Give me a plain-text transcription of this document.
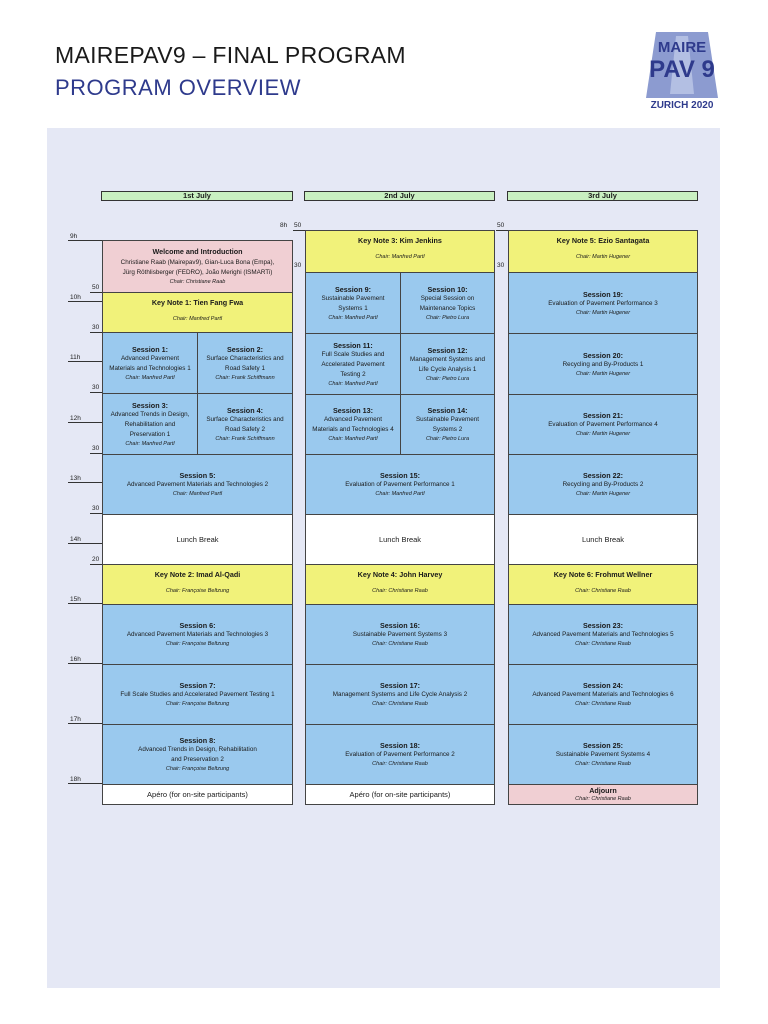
MAIREPAV9 – FINAL PROGRAM
PROGRAM OVERVIEW
MAIRE
PAV 9
ZURICH 2020
1st July	2nd July	3rd July
9h
50
10h
30
11h
30
12h
30
13h
30
14h
20
15h
16h
17h
18h
8h 50
30
50
30
Welcome and Introduction
Christiane Raab (Mairepav9), Gian-Luca Bona (Empa),
Jürg Röthlisberger (FEDRO), João Merighi (ISMARTi)
Chair: Christiane Raab
Key Note 1: Tien Fang Fwa
Chair: Manfred Partl
Session 1:
Advanced Pavement
Materials and Technologies 1
Chair: Manfred Partl
Session 2:
Surface Characteristics and
Road Safety 1
Chair: Frank Schiffmann
Session 3:
Advanced Trends in Design,
Rehabilitation and
Preservation 1
Chair: Manfred Partl
Session 4:
Surface Characteristics and
Road Safety 2
Chair: Frank Schiffmann
Session 5:
Advanced Pavement Materials and Technologies 2
Chair: Manfred Partl
Lunch Break
Key Note 2: Imad Al-Qadi
Chair: Françoise Beltzung
Session 6:
Advanced Pavement Materials and Technologies 3
Chair: Françoise Beltzung
Session 7:
Full Scale Studies and Accelerated Pavement Testing 1
Chair: Françoise Beltzung
Session 8:
Advanced Trends in Design, Rehabilitation
and Preservation 2
Chair: Françoise Beltzung
Apéro (for on-site participants)
Key Note 3: Kim Jenkins
Chair: Manfred Partl
Session 9:
Sustainable Pavement
Systems 1
Chair: Manfred Partl
Session 10:
Special Session on
Maintenance Topics
Chair: Pietro Lura
Session 11:
Full Scale Studies and
Accelerated Pavement
Testing 2
Chair: Manfred Partl
Session 12:
Management Systems and
Life Cycle Analysis 1
Chair: Pietro Lura
Session 13:
Advanced Pavement
Materials and Technologies 4
Chair: Manfred Partl
Session 14:
Sustainable Pavement
Systems 2
Chair: Pietro Lura
Session 15:
Evaluation of Pavement Performance 1
Chair: Manfred Partl
Lunch Break
Key Note 4: John Harvey
Chair: Christiane Raab
Session 16:
Sustainable Pavement Systems 3
Chair: Christiane Raab
Session 17:
Management Systems and Life Cycle Analysis 2
Chair: Christiane Raab
Session 18:
Evaluation of Pavement Performance 2
Chair: Christiane Raab
Apéro (for on-site participants)
Key Note 5: Ezio Santagata
Chair: Martin Hugener
Session 19:
Evaluation of Pavement Performance 3
Chair: Martin Hugener
Session 20:
Recycling and By-Products 1
Chair: Martin Hugener
Session 21:
Evaluation of Pavement Performance 4
Chair: Martin Hugener
Session 22:
Recycling and By-Products 2
Chair: Martin Hugener
Lunch Break
Key Note 6: Frohmut Wellner
Chair: Christiane Raab
Session 23:
Advanced Pavement Materials and Technologies 5
Chair: Christiane Raab
Session 24:
Advanced Pavement Materials and Technologies 6
Chair: Christiane Raab
Session 25:
Sustainable Pavement Systems 4
Chair: Christiane Raab
Adjourn
Chair: Christiane Raab
